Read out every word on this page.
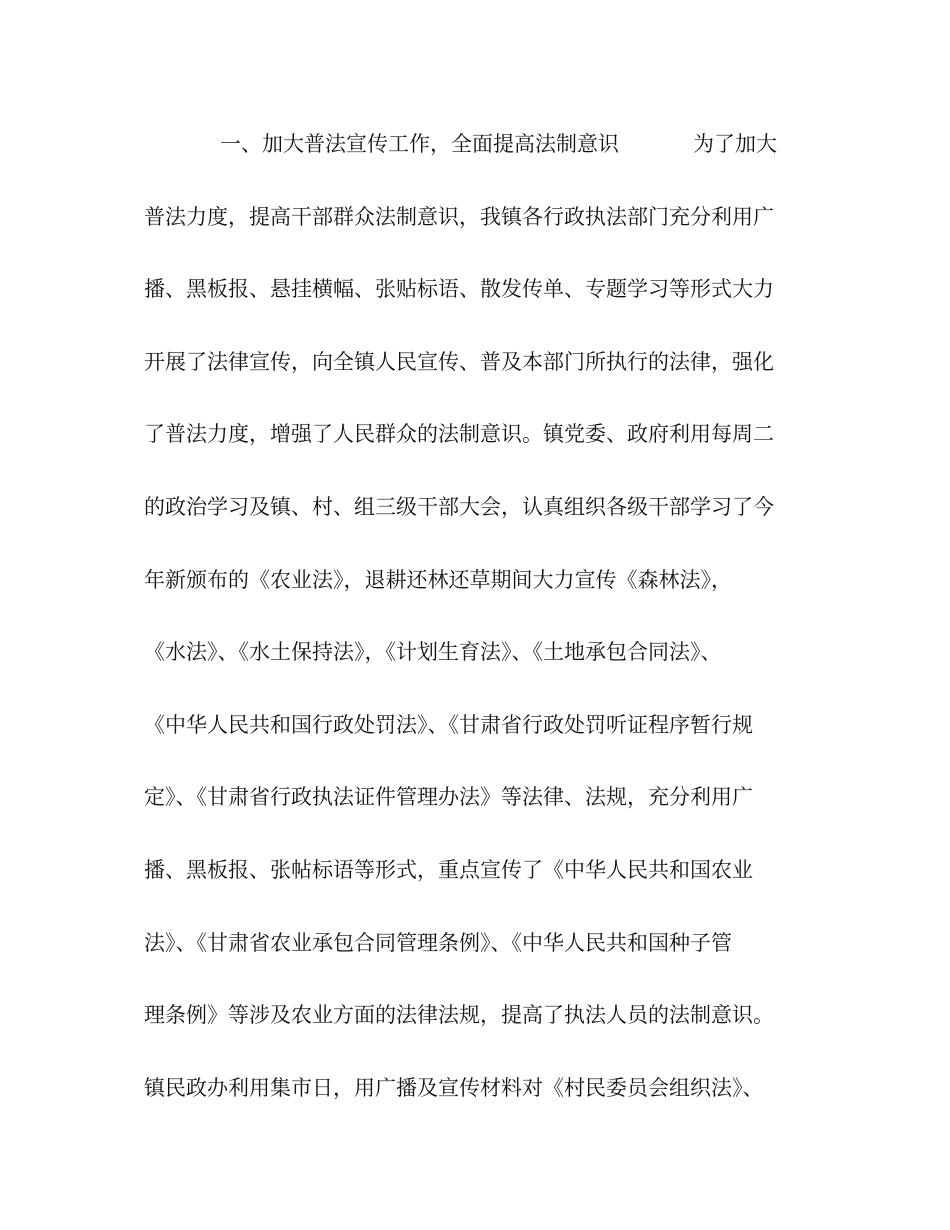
一、加大普法宣传工作，全面提高法制意识	为了加大
普法力度，提高干部群众法制意识，我镇各行政执法部门充分利用广
播、黑板报、悬挂横幅、张贴标语、散发传单、专题学习等形式大力
开展了法律宣传，向全镇人民宣传、普及本部门所执行的法律，强化
了普法力度，增强了人民群众的法制意识。镇党委、政府利用每周二
的政治学习及镇、村、组三级干部大会，认真组织各级干部学习了今
年新颁布的《农业法》，退耕还林还草期间大力宣传《森林法》，
《水法》、《水土保持法》，《计划生育法》、《土地承包合同法》、
《中华人民共和国行政处罚法》、《甘肃省行政处罚听证程序暂行规
定》、《甘肃省行政执法证件管理办法》等法律、法规，充分利用广
播、黑板报、张帖标语等形式，重点宣传了《中华人民共和国农业
法》、《甘肃省农业承包合同管理条例》、《中华人民共和国种子管
理条例》等涉及农业方面的法律法规，提高了执法人员的法制意识。
镇民政办利用集市日，用广播及宣传材料对《村民委员会组织法》、
